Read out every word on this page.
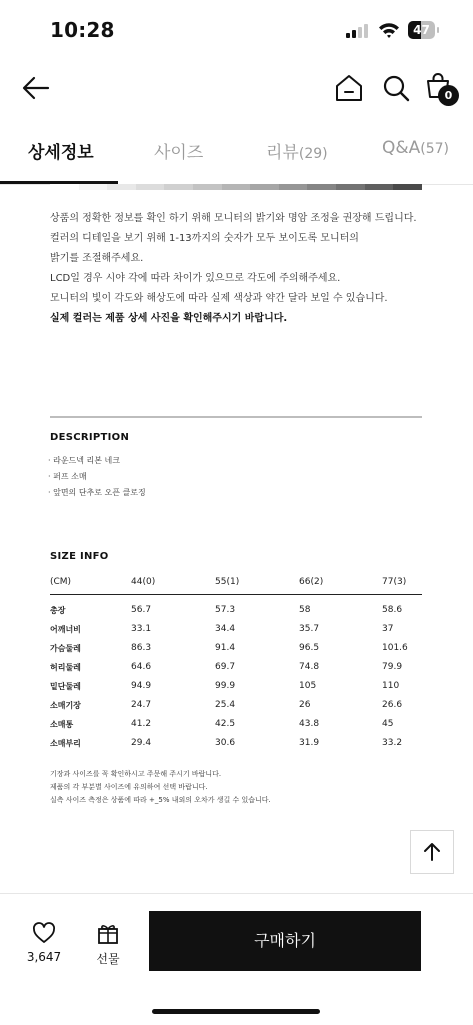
10:28	47
0
상세정보	사이즈	리뷰(29)	Q&A(57)

상품의 정확한 정보를 확인 하기 위해 모니터의 밝기와 명암 조정을 권장해 드립니다.

컬러의 디테일을 보기 위해 1-13까지의 숫자가 모두 보이도록 모니터의

밝기를 조절해주세요.

LCD일 경우 시야 각에 따라 차이가 있으므로 각도에 주의해주세요.

모니터의 빛이 각도와 해상도에 따라 실제 색상과 약간 달라 보일 수 있습니다.

실제 컬러는 제품 상세 사진을 확인해주시기 바랍니다.

DESCRIPTION
· 라운드넥 리본 네크
· 퍼프 소매
· 앞면의 단추로 오픈 클로징
SIZE INFO
(CM)	44(0)	55(1)	66(2)	77(3)
총장	56.7	57.3	58	58.6
어깨너비	33.1	34.4	35.7	37
가슴둘레	86.3	91.4	96.5	101.6
허리둘레	64.6	69.7	74.8	79.9
밑단둘레	94.9	99.9	105	110
소매기장	24.7	25.4	26	26.6
소매통	41.2	42.5	43.8	45
소매부리	29.4	30.6	31.9	33.2
기장과 사이즈를 꼭 확인하시고 주문해 주시기 바랍니다.
제품의 각 부분별 사이즈에 유의하여 선택 바랍니다.
실측 사이즈 측정은 상품에 따라 +_5% 내외의 오차가 생길 수 있습니다.
3,647	선물
구매하기
